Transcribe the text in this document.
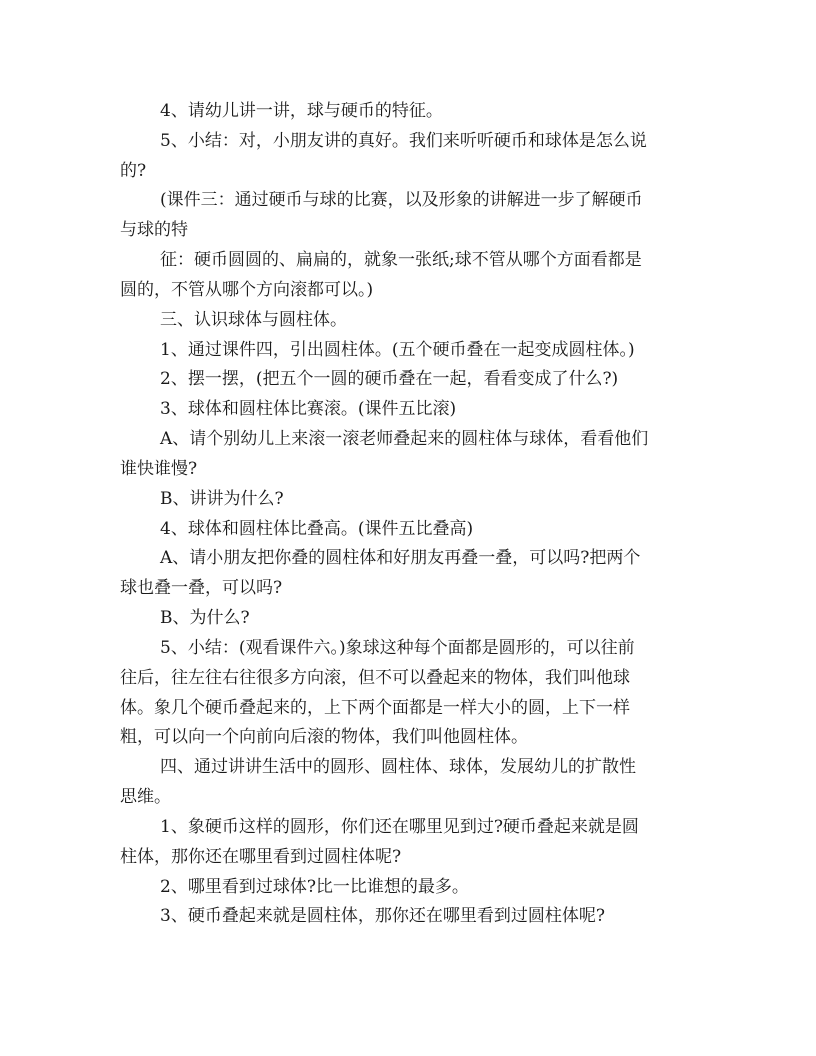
4、请幼儿讲一讲，球与硬币的特征。
5、小结：对，小朋友讲的真好。我们来听听硬币和球体是怎么说
的?
(课件三：通过硬币与球的比赛，以及形象的讲解进一步了解硬币
与球的特
征：硬币圆圆的、扁扁的，就象一张纸;球不管从哪个方面看都是
圆的，不管从哪个方向滚都可以。)
三、认识球体与圆柱体。
1、通过课件四，引出圆柱体。(五个硬币叠在一起变成圆柱体。)
2、摆一摆，(把五个一圆的硬币叠在一起，看看变成了什么?)
3、球体和圆柱体比赛滚。(课件五比滚)
A、请个别幼儿上来滚一滚老师叠起来的圆柱体与球体，看看他们
谁快谁慢?
B、讲讲为什么?
4、球体和圆柱体比叠高。(课件五比叠高)
A、请小朋友把你叠的圆柱体和好朋友再叠一叠，可以吗?把两个
球也叠一叠，可以吗?
B、为什么?
5、小结：(观看课件六。)象球这种每个面都是圆形的，可以往前
往后，往左往右往很多方向滚，但不可以叠起来的物体，我们叫他球
体。象几个硬币叠起来的，上下两个面都是一样大小的圆，上下一样
粗，可以向一个向前向后滚的物体，我们叫他圆柱体。
四、通过讲讲生活中的圆形、圆柱体、球体，发展幼儿的扩散性
思维。
1、象硬币这样的圆形，你们还在哪里见到过?硬币叠起来就是圆
柱体，那你还在哪里看到过圆柱体呢?
2、哪里看到过球体?比一比谁想的最多。
3、硬币叠起来就是圆柱体，那你还在哪里看到过圆柱体呢?
